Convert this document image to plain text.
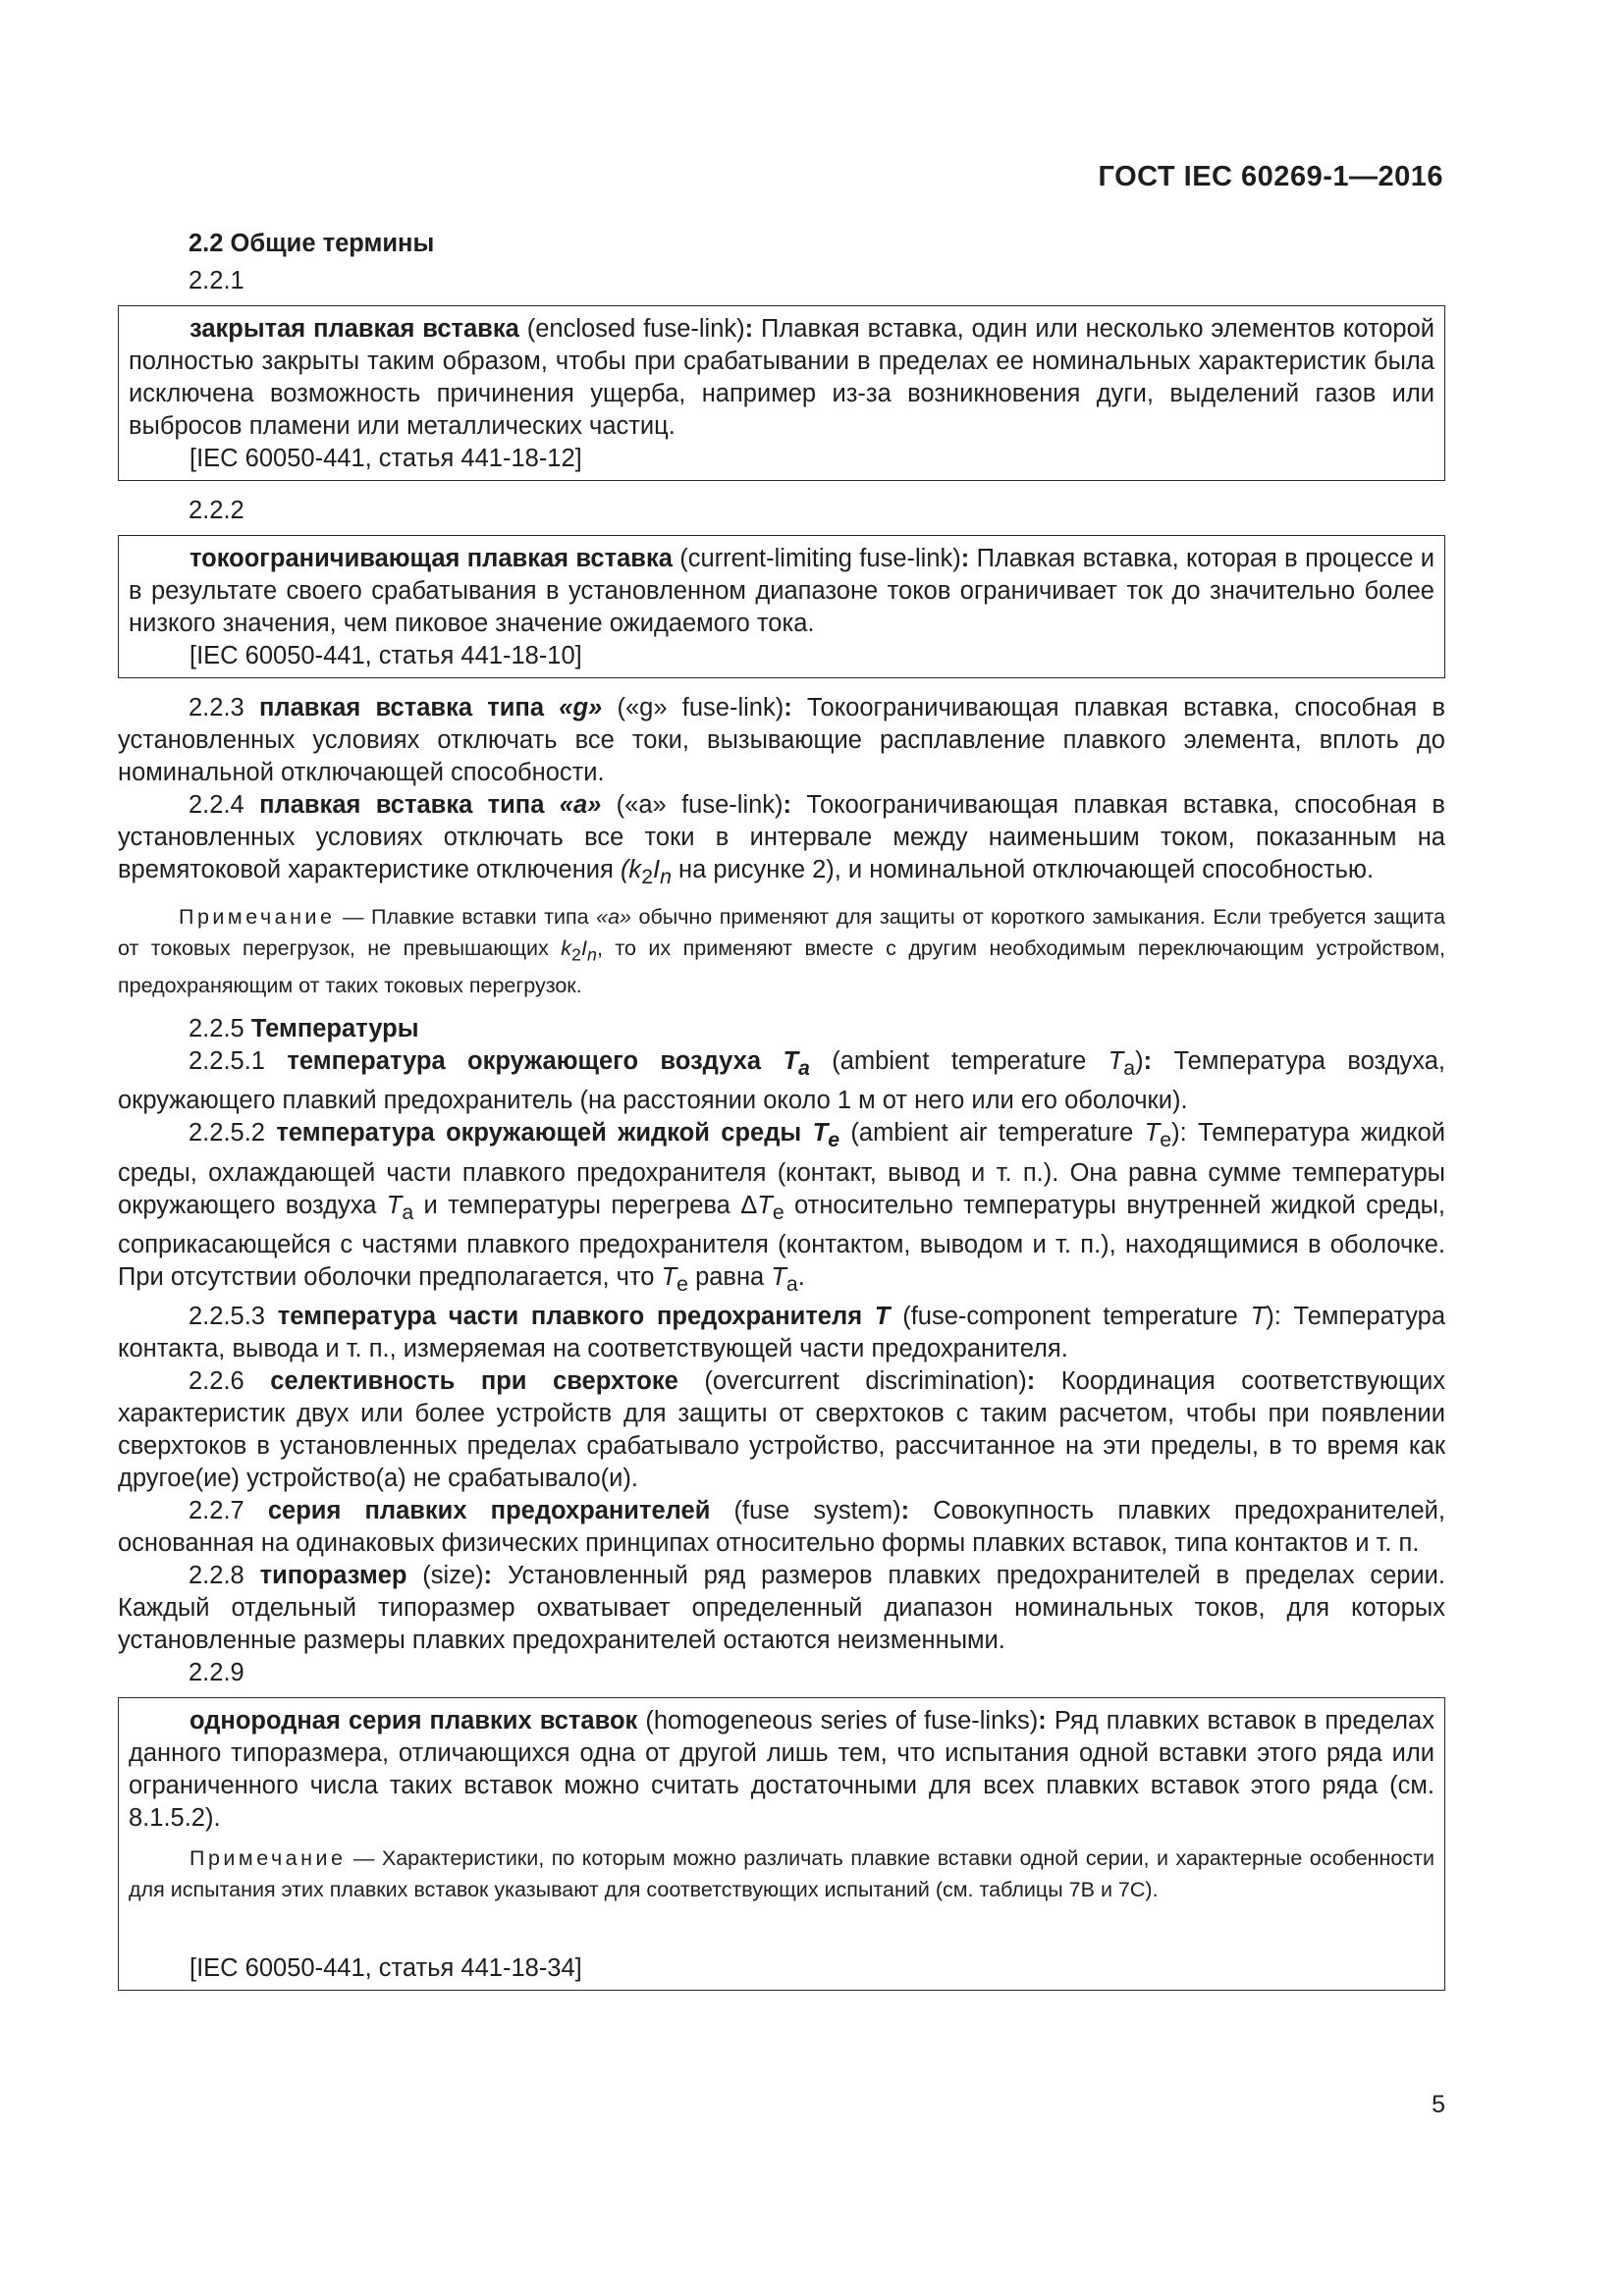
ГОСТ IEC 60269-1—2016
2.2 Общие термины
2.2.1

закрытая плавкая вставка (enclosed fuse-link): Плавкая вставка, один или несколько элементов которой полностью закрыты таким образом, чтобы при срабатывании в пределах ее номинальных характеристик была исключена возможность причинения ущерба, например из-за возникновения дуги, выделений газов или выбросов пламени или металлических частиц.

[IEC 60050-441, статья 441-18-12]
2.2.2

токоограничивающая плавкая вставка (current-limiting fuse-link): Плавкая вставка, которая в процессе и в результате своего срабатывания в установленном диапазоне токов ограничивает ток до значительно более низкого значения, чем пиковое значение ожидаемого тока.

[IEC 60050-441, статья 441-18-10]

2.2.3 плавкая вставка типа «g» («g» fuse-link): Токоограничивающая плавкая вставка, способная в установленных условиях отключать все токи, вызывающие расплавление плавкого элемента, вплоть до номинальной отключающей способности.

2.2.4 плавкая вставка типа «a» («a» fuse-link): Токоограничивающая плавкая вставка, способная в установленных условиях отключать все токи в интервале между наименьшим током, показанным на времятоковой характеристике отключения ($k_2I_n$ на рисунке 2), и номинальной отключающей способностью.

Примечание — Плавкие вставки типа «a» обычно применяют для защиты от короткого замыкания. Если требуется защита от токовых перегрузок, не превышающих $k_2I_n$, то их применяют вместе с другим необходимым переключающим устройством, предохраняющим от таких токовых перегрузок.

2.2.5 Температуры

2.2.5.1 температура окружающего воздуха $T_a$ (ambient temperature $T_a$): Температура воздуха, окружающего плавкий предохранитель (на расстоянии около 1 м от него или его оболочки).

2.2.5.2 температура окружающей жидкой среды $T_e$ (ambient air temperature $T_e$): Температура жидкой среды, охлаждающей части плавкого предохранителя (контакт, вывод и т. п.). Она равна сумме температуры окружающего воздуха $T_a$ и температуры перегрева $\Delta T_e$ относительно температуры внутренней жидкой среды, соприкасающейся с частями плавкого предохранителя (контактом, выводом и т. п.), находящимися в оболочке. При отсутствии оболочки предполагается, что $T_e$ равна $T_a$.

2.2.5.3 температура части плавкого предохранителя T (fuse-component temperature T): Температура контакта, вывода и т. п., измеряемая на соответствующей части предохранителя.

2.2.6 селективность при сверхтоке (overcurrent discrimination): Координация соответствующих характеристик двух или более устройств для защиты от сверхтоков с таким расчетом, чтобы при появлении сверхтоков в установленных пределах срабатывало устройство, рассчитанное на эти пределы, в то время как другое(ие) устройство(а) не срабатывало(и).

2.2.7 серия плавких предохранителей (fuse system): Совокупность плавких предохранителей, основанная на одинаковых физических принципах относительно формы плавких вставок, типа контактов и т. п.

2.2.8 типоразмер (size): Установленный ряд размеров плавких предохранителей в пределах серии. Каждый отдельный типоразмер охватывает определенный диапазон номинальных токов, для которых установленные размеры плавких предохранителей остаются неизменными.

2.2.9

однородная серия плавких вставок (homogeneous series of fuse-links): Ряд плавких вставок в пределах данного типоразмера, отличающихся одна от другой лишь тем, что испытания одной вставки этого ряда или ограниченного числа таких вставок можно считать достаточными для всех плавких вставок этого ряда (см. 8.1.5.2).

Примечание — Характеристики, по которым можно различать плавкие вставки одной серии, и характерные особенности для испытания этих плавких вставок указывают для соответствующих испытаний (см. таблицы 7B и 7C).

[IEC 60050-441, статья 441-18-34]
5
